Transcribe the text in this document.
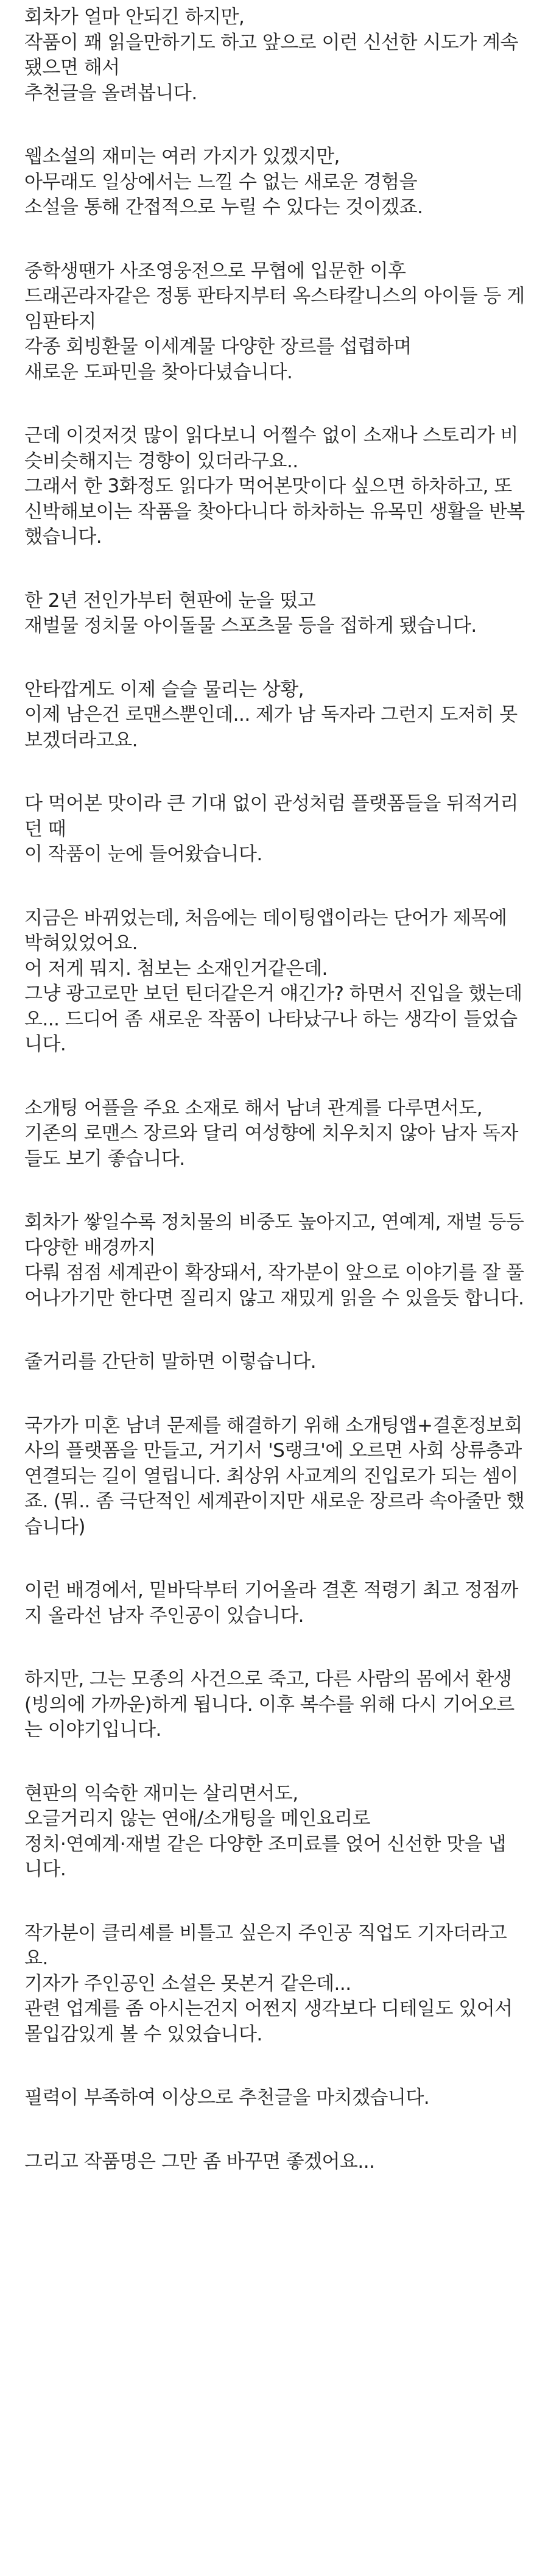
회차가 얼마 안되긴 하지만,
작품이 꽤 읽을만하기도 하고 앞으로 이런 신선한 시도가 계속
됐으면 해서
추천글을 올려봅니다.
웹소설의 재미는 여러 가지가 있겠지만,
아무래도 일상에서는 느낄 수 없는 새로운 경험을
소설을 통해 간접적으로 누릴 수 있다는 것이겠죠.
중학생땐가 사조영웅전으로 무협에 입문한 이후
드래곤라자같은 정통 판타지부터 옥스타칼니스의 아이들 등 게
임판타지
각종 회빙환물 이세계물 다양한 장르를 섭렵하며
새로운 도파민을 찾아다녔습니다.
근데 이것저것 많이 읽다보니 어쩔수 없이 소재나 스토리가 비
슷비슷해지는 경향이 있더라구요..
그래서 한 3화정도 읽다가 먹어본맛이다 싶으면 하차하고, 또
신박해보이는 작품을 찾아다니다 하차하는 유목민 생활을 반복
했습니다.
한 2년 전인가부터 현판에 눈을 떴고
재벌물 정치물 아이돌물 스포츠물 등을 접하게 됐습니다.
안타깝게도 이제 슬슬 물리는 상황,
이제 남은건 로맨스뿐인데... 제가 남 독자라 그런지 도저히 못
보겠더라고요.
다 먹어본 맛이라 큰 기대 없이 관성처럼 플랫폼들을 뒤적거리
던 때
이 작품이 눈에 들어왔습니다.
지금은 바뀌었는데, 처음에는 데이팅앱이라는 단어가 제목에
박혀있었어요.
어 저게 뭐지. 첨보는 소재인거같은데.
그냥 광고로만 보던 틴더같은거 얘긴가? 하면서 진입을 했는데
오... 드디어 좀 새로운 작품이 나타났구나 하는 생각이 들었습
니다.
소개팅 어플을 주요 소재로 해서 남녀 관계를 다루면서도,
기존의 로맨스 장르와 달리 여성향에 치우치지 않아 남자 독자
들도 보기 좋습니다.
회차가 쌓일수록 정치물의 비중도 높아지고, 연예계, 재벌 등등
다양한 배경까지
다뤄 점점 세계관이 확장돼서, 작가분이 앞으로 이야기를 잘 풀
어나가기만 한다면 질리지 않고 재밌게 읽을 수 있을듯 합니다.
줄거리를 간단히 말하면 이렇습니다.
국가가 미혼 남녀 문제를 해결하기 위해 소개팅앱+결혼정보회
사의 플랫폼을 만들고, 거기서 'S랭크'에 오르면 사회 상류층과
연결되는 길이 열립니다. 최상위 사교계의 진입로가 되는 셈이
죠. (뭐.. 좀 극단적인 세계관이지만 새로운 장르라 속아줄만 했
습니다)
이런 배경에서, 밑바닥부터 기어올라 결혼 적령기 최고 정점까
지 올라선 남자 주인공이 있습니다.
하지만, 그는 모종의 사건으로 죽고, 다른 사람의 몸에서 환생
(빙의에 가까운)하게 됩니다. 이후 복수를 위해 다시 기어오르
는 이야기입니다.
현판의 익숙한 재미는 살리면서도,
오글거리지 않는 연애/소개팅을 메인요리로
정치·연예계·재벌 같은 다양한 조미료를 얹어 신선한 맛을 냅
니다.
작가분이 클리셰를 비틀고 싶은지 주인공 직업도 기자더라고
요.
기자가 주인공인 소설은 못본거 같은데...
관련 업계를 좀 아시는건지 어쩐지 생각보다 디테일도 있어서
몰입감있게 볼 수 있었습니다.
필력이 부족하여 이상으로 추천글을 마치겠습니다.
그리고 작품명은 그만 좀 바꾸면 좋겠어요...
